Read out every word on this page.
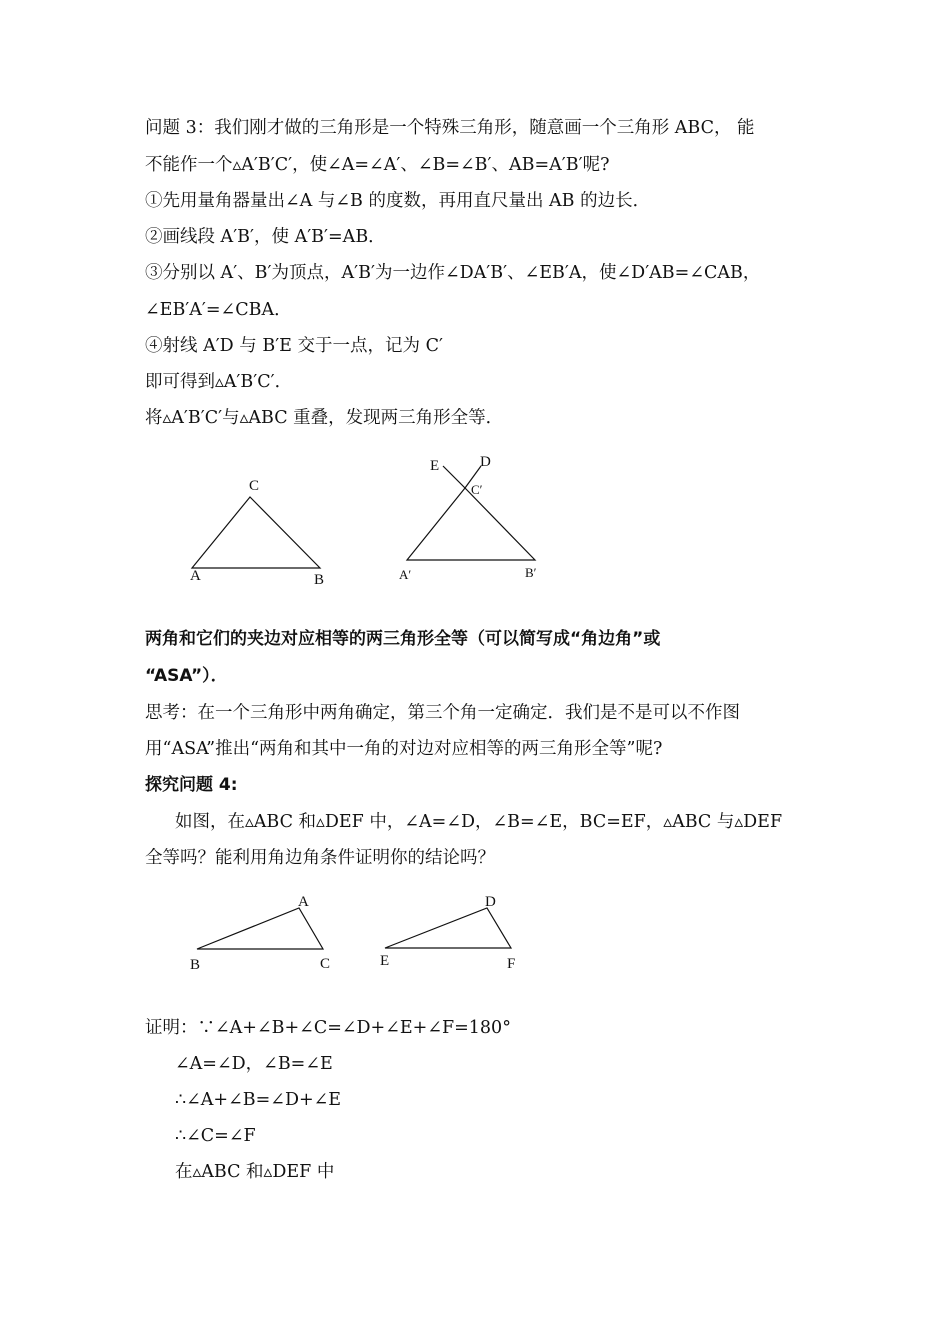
问题 3：我们刚才做的三角形是一个特殊三角形，随意画一个三角形 ABC， 能
不能作一个▵A′B′C′，使∠A=∠A′、∠B=∠B′、AB=A′B′呢?
①先用量角器量出∠A 与∠B 的度数，再用直尺量出 AB 的边长．
②画线段 A′B′，使 A′B′=AB．
③分别以 A′、B′为顶点，A′B′为一边作∠DA′B′、∠EB′A，使∠D′AB=∠CAB，
∠EB′A′=∠CBA．
④射线 A′D 与 B′E 交于一点，记为 C′
即可得到▵A′B′C′．
将▵A′B′C′与▵ABC 重叠，发现两三角形全等．
C
A	B
E	D
C′
A′	B′
两角和它们的夹边对应相等的两三角形全等（可以简写成“角边角”或
“ASA”）．
思考：在一个三角形中两角确定，第三个角一定确定．我们是不是可以不作图
用“ASA”推出“两角和其中一角的对边对应相等的两三角形全等”呢?
探究问题 4:
如图，在▵ABC 和▵DEF 中，∠A=∠D，∠B=∠E，BC=EF，▵ABC 与▵DEF
全等吗？能利用角边角条件证明你的结论吗？
A
B	C
D
E	F
证明：∵∠A+∠B+∠C=∠D+∠E+∠F=180°
∠A=∠D，∠B=∠E
∴∠A+∠B=∠D+∠E
∴∠C=∠F
在▵ABC 和▵DEF 中
